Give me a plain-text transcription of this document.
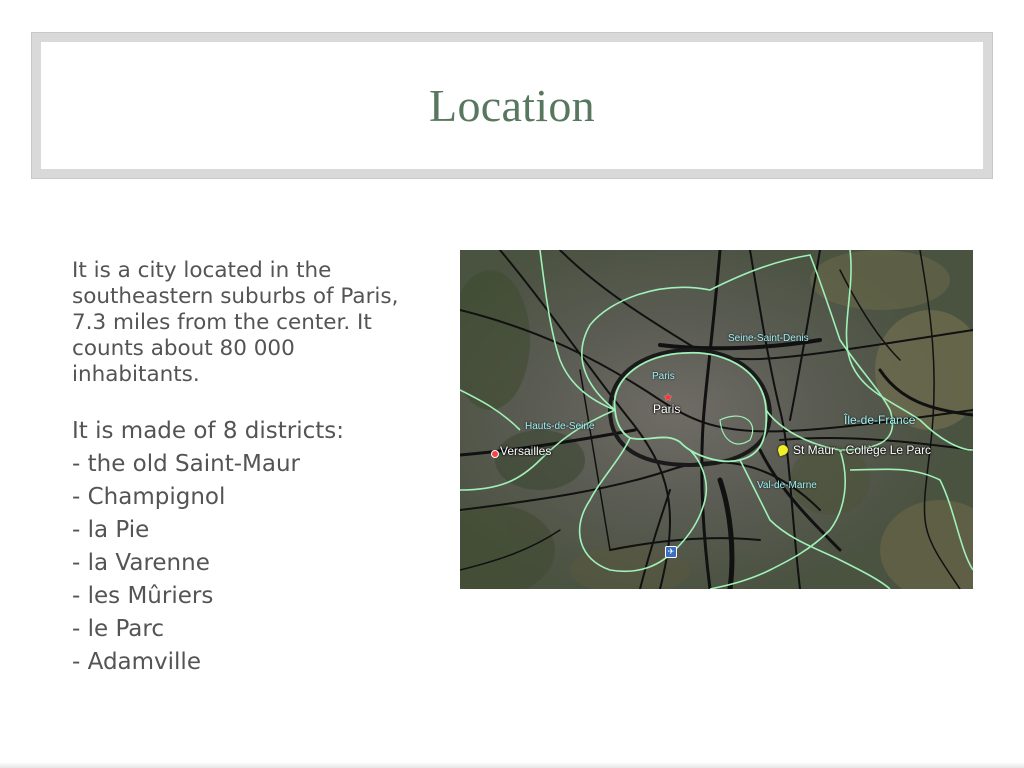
Location

It is a city located in the southeastern suburbs of Paris, 7.3 miles from the center. It counts about 80 000 inhabitants.

It is made of 8 districts:
- the old Saint-Maur
- Champignol
- la Pie
- la Varenne
- les Mûriers
- le Parc
- Adamville
Seine-Saint-Denis
Paris
★
Paris
Hauts-de-Seine	Île-de-France
Versailles	St Maur - Collège Le Parc
Val-de-Marne
✈
